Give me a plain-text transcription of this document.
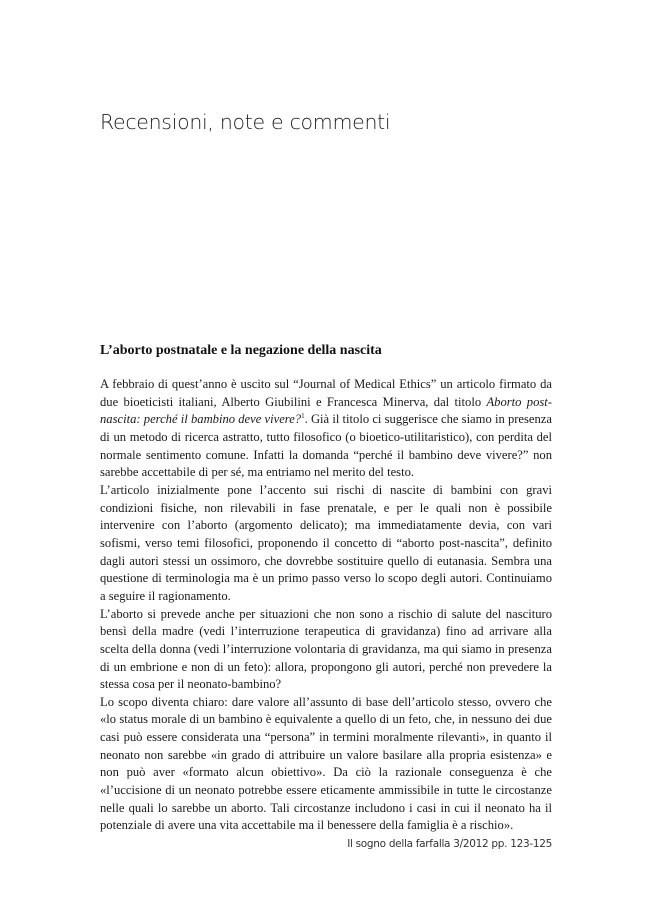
Recensioni, note e commenti
L’aborto postnatale e la negazione della nascita

A febbraio di quest’anno è uscito sul “Journal of Medical Ethics” un articolo firmato da due bioeticisti italiani, Alberto Giubilini e Francesca Minerva, dal titolo Aborto post-nascita: perché il bambino deve vivere?$^1$. Già il titolo ci suggerisce che siamo in presenza di un metodo di ricerca astratto, tutto filosofico (o bioetico-utilitaristico), con perdita del normale sentimento comune. Infatti la domanda “perché il bambino deve vivere?” non sarebbe accettabile di per sé, ma entriamo nel merito del testo.

L’articolo inizialmente pone l’accento sui rischi di nascite di bambini con gravi condizioni fisiche, non rilevabili in fase prenatale, e per le quali non è possibile intervenire con l’aborto (argomento delicato); ma immediatamente devia, con vari sofismi, verso temi filosofici, proponendo il concetto di “aborto post-nascita”, definito dagli autori stessi un ossimoro, che dovrebbe sostituire quello di eutanasia. Sembra una questione di terminologia ma è un primo passo verso lo scopo degli autori. Continuiamo a seguire il ragionamento.

L’aborto si prevede anche per situazioni che non sono a rischio di salute del nascituro bensì della madre (vedi l’interruzione terapeutica di gravidanza) fino ad arrivare alla scelta della donna (vedi l’interruzione volontaria di gravidanza, ma qui siamo in presenza di un embrione e non di un feto): allora, propongono gli autori, perché non prevedere la stessa cosa per il neonato-bambino?

Lo scopo diventa chiaro: dare valore all’assunto di base dell’articolo stesso, ovvero che «lo status morale di un bambino è equivalente a quello di un feto, che, in nessuno dei due casi può essere considerata una “persona” in termini moralmente rilevanti», in quanto il neonato non sarebbe «in grado di attribuire un valore basilare alla propria esistenza» e non può aver «formato alcun obiettivo». Da ciò la razionale conseguenza è che «l’uccisione di un neonato potrebbe essere eticamente ammissibile in tutte le circostanze nelle quali lo sarebbe un aborto. Tali circostanze includono i casi in cui il neonato ha il potenziale di avere una vita accettabile ma il benessere della famiglia è a rischio».

Il sogno della farfalla 3/2012 pp. 123-125
